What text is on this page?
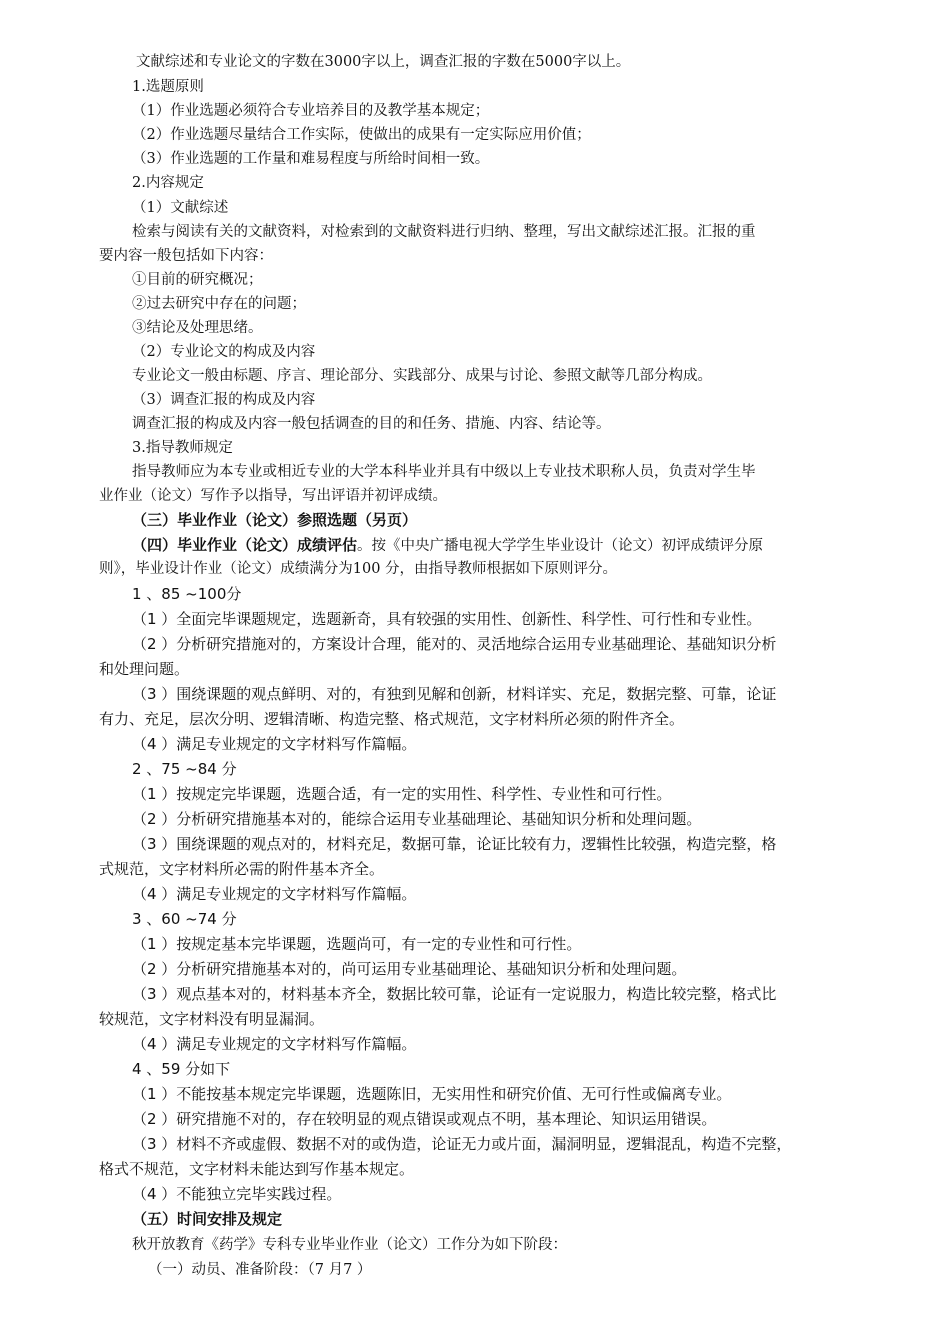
文献综述和专业论文的字数在3000字以上，调查汇报的字数在5000字以上。
1.选题原则
（1）作业选题必须符合专业培养目的及教学基本规定；
（2）作业选题尽量结合工作实际，使做出的成果有一定实际应用价值；
（3）作业选题的工作量和难易程度与所给时间相一致。
2.内容规定
（1）文献综述
检索与阅读有关的文献资料，对检索到的文献资料进行归纳、整理，写出文献综述汇报。汇报的重
要内容一般包括如下内容：
①目前的研究概况；
②过去研究中存在的问题；
③结论及处理思绪。
（2）专业论文的构成及内容
专业论文一般由标题、序言、理论部分、实践部分、成果与讨论、参照文献等几部分构成。
（3）调查汇报的构成及内容
调查汇报的构成及内容一般包括调查的目的和任务、措施、内容、结论等。
3.指导教师规定
指导教师应为本专业或相近专业的大学本科毕业并具有中级以上专业技术职称人员，负责对学生毕
业作业（论文）写作予以指导，写出评语并初评成绩。
（三）毕业作业（论文）参照选题（另页）
（四）毕业作业（论文）成绩评估。按《中央广播电视大学学生毕业设计（论文）初评成绩评分原
则》，毕业设计作业（论文）成绩满分为100 分，由指导教师根据如下原则评分。
1 、85 ~100分
（1 ）全面完毕课题规定，选题新奇，具有较强的实用性、创新性、科学性、可行性和专业性。
（2 ）分析研究措施对的，方案设计合理，能对的、灵活地综合运用专业基础理论、基础知识分析
和处理问题。
（3 ）围绕课题的观点鲜明、对的，有独到见解和创新，材料详实、充足，数据完整、可靠，论证
有力、充足，层次分明、逻辑清晰、构造完整、格式规范，文字材料所必须的附件齐全。
（4 ）满足专业规定的文字材料写作篇幅。
2 、75 ~84 分
（1 ）按规定完毕课题，选题合适，有一定的实用性、科学性、专业性和可行性。
（2 ）分析研究措施基本对的，能综合运用专业基础理论、基础知识分析和处理问题。
（3 ）围绕课题的观点对的，材料充足，数据可靠，论证比较有力，逻辑性比较强，构造完整，格
式规范，文字材料所必需的附件基本齐全。
（4 ）满足专业规定的文字材料写作篇幅。
3 、60 ~74 分
（1 ）按规定基本完毕课题，选题尚可，有一定的专业性和可行性。
（2 ）分析研究措施基本对的，尚可运用专业基础理论、基础知识分析和处理问题。
（3 ）观点基本对的，材料基本齐全，数据比较可靠，论证有一定说服力，构造比较完整，格式比
较规范，文字材料没有明显漏洞。
（4 ）满足专业规定的文字材料写作篇幅。
4 、59 分如下
（1 ）不能按基本规定完毕课题，选题陈旧，无实用性和研究价值、无可行性或偏离专业。
（2 ）研究措施不对的，存在较明显的观点错误或观点不明，基本理论、知识运用错误。
（3 ）材料不齐或虚假、数据不对的或伪造，论证无力或片面，漏洞明显，逻辑混乱，构造不完整，
格式不规范，文字材料未能达到写作基本规定。
（4 ）不能独立完毕实践过程。
（五）时间安排及规定
秋开放教育《药学》专科专业毕业作业（论文）工作分为如下阶段：
（一）动员、准备阶段：（7 月7 ）
